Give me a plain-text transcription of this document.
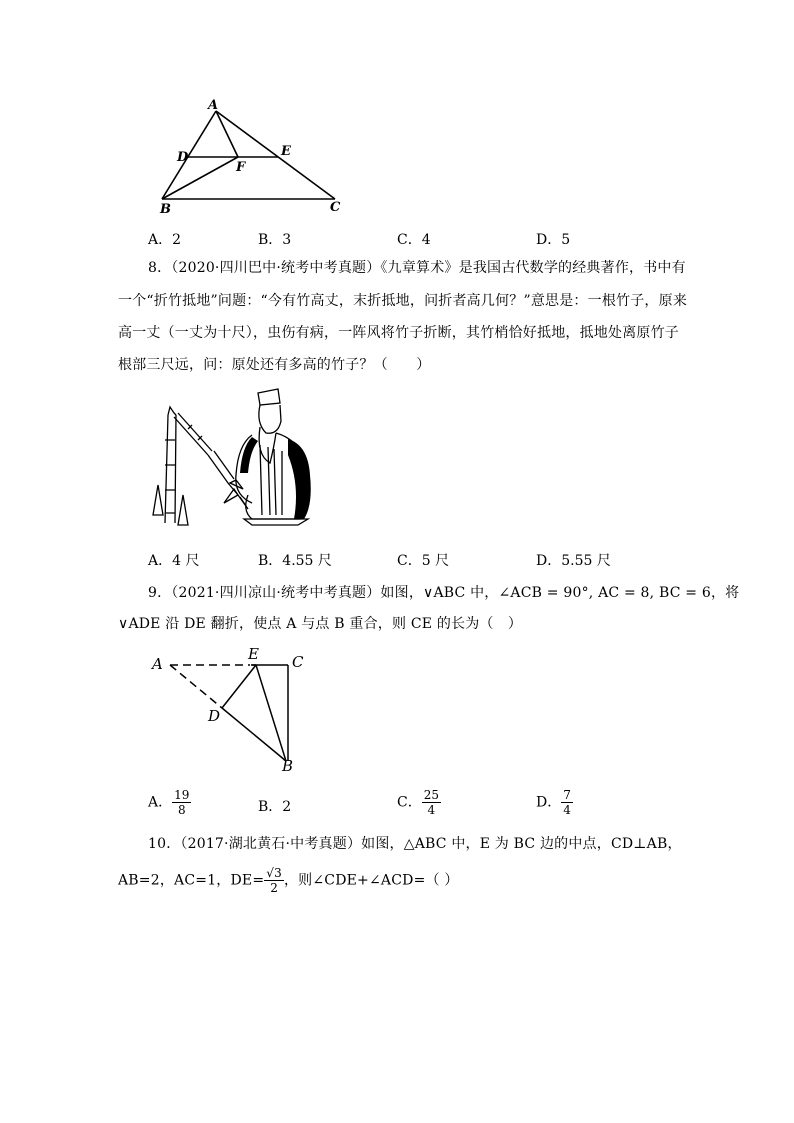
A
D	E
F
B	C
A．2	B．3	C．4	D．5
8．（2020·四川巴中·统考中考真题）《九章算术》是我国古代数学的经典著作，书中有
一个“折竹抵地”问题：“今有竹高丈，末折抵地，问折者高几何？”意思是：一根竹子，原来
高一丈（一丈为十尺），虫伤有病，一阵风将竹子折断，其竹梢恰好抵地，抵地处离原竹子
根部三尺远，问：原处还有多高的竹子？（　　）
A．4 尺	B．4.55 尺	C．5 尺	D．5.55 尺
9．（2021·四川凉山·统考中考真题）如图，∨ABC 中，∠ACB = 90°, AC = 8, BC = 6，将
∨ADE 沿 DE 翻折，使点 A 与点 B 重合，则 CE 的长为（　）
A
E C
D
B
A． $\frac{19}{8}$	B．2	C． $\frac{25}{4}$	D． $\frac{7}{4}$
10．（2017·湖北黄石·中考真题）如图，△ABC 中，E 为 BC 边的中点，CD⊥AB，
AB=2，AC=1，$DE= \frac{√3}{2}$ ，则∠CDE+∠ACD=（ ）
